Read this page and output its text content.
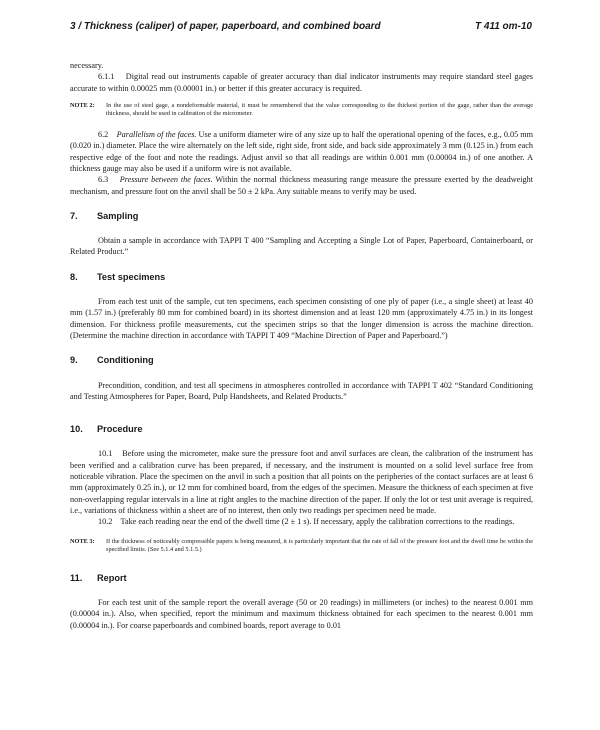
3 / Thickness (caliper) of paper, paperboard, and combined board	T 411 om-10

necessary.

6.1.1    Digital read out instruments capable of greater accuracy than dial indicator instruments may require standard steel gages accurate to within 0.00025 mm (0.00001 in.) or better if this greater accuracy is required.

NOTE 2:	In the use of steel gage, a nondeformable material, it must be remembered that the value corresponding to the thickest portion of the gage, rather than the average thickness, should be used in calibration of the micrometer.

6.2    Parallelism of the faces. Use a uniform diameter wire of any size up to half the operational opening of the faces, e.g., 0.05 mm (0.020 in.) diameter. Place the wire alternately on the left side, right side, front side, and back side approximately 3 mm (0.125 in.) from each respective edge of the foot and note the readings. Adjust anvil so that all readings are within 0.001 mm (0.00004 in.) of one another. A thickness gauge may also be used if a uniform wire is not available.

6.3    Pressure between the faces. Within the normal thickness measuring range measure the pressure exerted by the deadweight mechanism, and pressure foot on the anvil shall be 50 ± 2 kPa. Any suitable means to verify may be used.

7.	Sampling

Obtain a sample in accordance with TAPPI T 400 “Sampling and Accepting a Single Lot of Paper, Paperboard, Containerboard, or Related Product.”

8.	Test specimens

From each test unit of the sample, cut ten specimens, each specimen consisting of one ply of paper (i.e., a single sheet) at least 40 mm (1.57 in.) (preferably 80 mm for combined board) in its shortest dimension and at least 120 mm (approximately 4.75 in.) in its longest dimension. For thickness profile measurements, cut the specimen strips so that the longer dimension is across the machine direction. (Determine the machine direction in accordance with TAPPI T 409 “Machine Direction of Paper and Paperboard.”)

9.	Conditioning

Precondition, condition, and test all specimens in atmospheres controlled in accordance with TAPPI T 402 “Standard Conditioning and Testing Atmospheres for Paper, Board, Pulp Handsheets, and Related Products.”

10.	Procedure

10.1    Before using the micrometer, make sure the pressure foot and anvil surfaces are clean, the calibration of the instrument has been verified and a calibration curve has been prepared, if necessary, and the instrument is mounted on a solid level surface free from noticeable vibration. Place the specimen on the anvil in such a position that all points on the peripheries of the contact surfaces are at least 6 mm (approximately 0.25 in.), or 12 mm for combined board, from the edges of the specimen. Measure the thickness of each specimen at five non-overlapping regular intervals in a line at right angles to the machine direction of the paper. If only the lot or test unit average is required, i.e., variations of thickness within a sheet are of no interest, then only two readings per specimen need be made.

10.2    Take each reading near the end of the dwell time (2 ± 1 s). If necessary, apply the calibration corrections to the readings.

NOTE 3:	If the thickness of noticeably compressible papers is being measured, it is particularly important that the rate of fall of the pressure foot and the dwell time be within the specified limits. (See 5.1.4 and 5.1.5.)
11.	Report

For each test unit of the sample report the overall average (50 or 20 readings) in millimeters (or inches) to the nearest 0.001 mm (0.00004 in.). Also, when specified, report the minimum and maximum thickness obtained for each specimen to the nearest 0.001 mm (0.00004 in.). For coarse paperboards and combined boards, report average to 0.01
